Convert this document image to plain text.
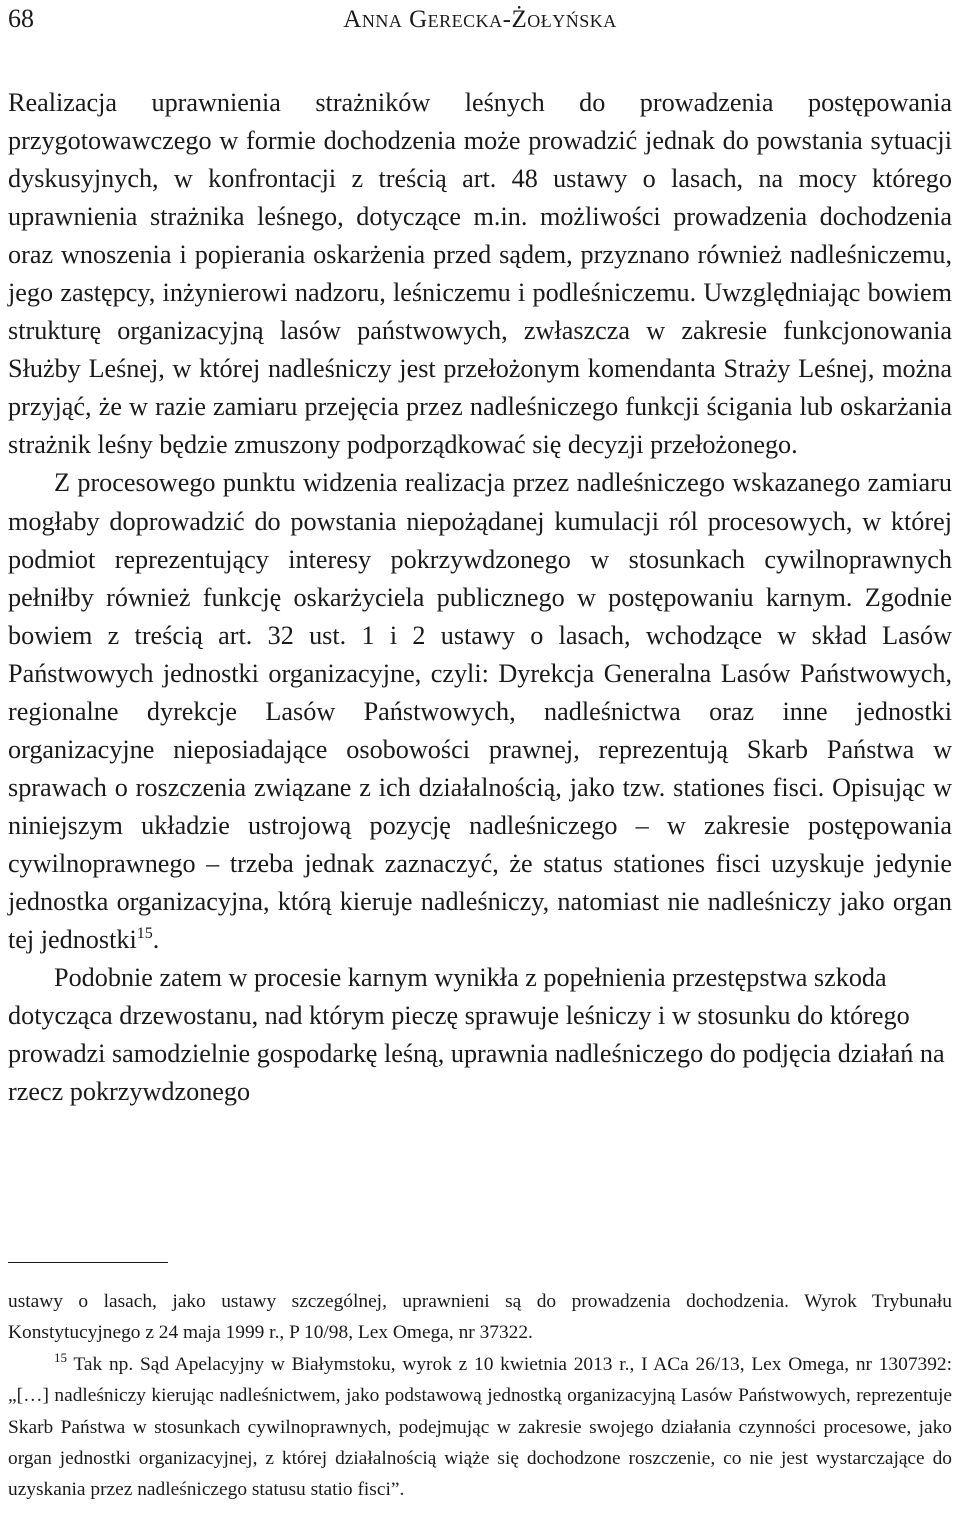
68	Anna Gerecka-Żołyńska

Realizacja uprawnienia strażników leśnych do prowadzenia postępowania przygotowawczego w formie dochodzenia może prowadzić jednak do powstania sytuacji dyskusyjnych, w konfrontacji z treścią art. 48 ustawy o lasach, na mocy którego uprawnienia strażnika leśnego, dotyczące m.in. możliwości prowadzenia dochodzenia oraz wnoszenia i popierania oskarżenia przed sądem, przyznano również nadleśniczemu, jego zastępcy, inżynierowi nadzoru, leśniczemu i podleśniczemu. Uwzględniając bowiem strukturę organizacyjną lasów państwowych, zwłaszcza w zakresie funkcjonowania Służby Leśnej, w której nadleśniczy jest przełożonym komendanta Straży Leśnej, można przyjąć, że w razie zamiaru przejęcia przez nadleśniczego funkcji ścigania lub oskarżania strażnik leśny będzie zmuszony podporządkować się decyzji przełożonego.

Z procesowego punktu widzenia realizacja przez nadleśniczego wskazanego zamiaru mogłaby doprowadzić do powstania niepożądanej kumulacji ról procesowych, w której podmiot reprezentujący interesy pokrzywdzonego w stosunkach cywilnoprawnych pełniłby również funkcję oskarżyciela publicznego w postępowaniu karnym. Zgodnie bowiem z treścią art. 32 ust. 1 i 2 ustawy o lasach, wchodzące w skład Lasów Państwowych jednostki organizacyjne, czyli: Dyrekcja Generalna Lasów Państwowych, regionalne dyrekcje Lasów Państwowych, nadleśnictwa oraz inne jednostki organizacyjne nieposiadające osobowości prawnej, reprezentują Skarb Państwa w sprawach o roszczenia związane z ich działalnością, jako tzw. stationes fisci. Opisując w niniejszym układzie ustrojową pozycję nadleśniczego – w zakresie postępowania cywilnoprawnego – trzeba jednak zaznaczyć, że status stationes fisci uzyskuje jedynie jednostka organizacyjna, którą kieruje nadleśniczy, natomiast nie nadleśniczy jako organ tej jednostki$^{15}$.

Podobnie zatem w procesie karnym wynikła z popełnienia przestępstwa szkoda dotycząca drzewostanu, nad którym pieczę sprawuje leśniczy i w stosunku do którego prowadzi samodzielnie gospodarkę leśną, uprawnia nadleśniczego do podjęcia działań na rzecz pokrzywdzonego

ustawy o lasach, jako ustawy szczególnej, uprawnieni są do prowadzenia dochodzenia. Wyrok Trybunału Konstytucyjnego z 24 maja 1999 r., P 10/98, Lex Omega, nr 37322.

$^{15}$ Tak np. Sąd Apelacyjny w Białymstoku, wyrok z 10 kwietnia 2013 r., I ACa 26/13, Lex Omega, nr 1307392: „[…] nadleśniczy kierując nadleśnictwem, jako podstawową jednostką organizacyjną Lasów Państwowych, reprezentuje Skarb Państwa w stosunkach cywilnoprawnych, podejmując w zakresie swojego działania czynności procesowe, jako organ jednostki organizacyjnej, z której działalnością wiąże się dochodzone roszczenie, co nie jest wystarczające do uzyskania przez nadleśniczego statusu statio fisci”.
